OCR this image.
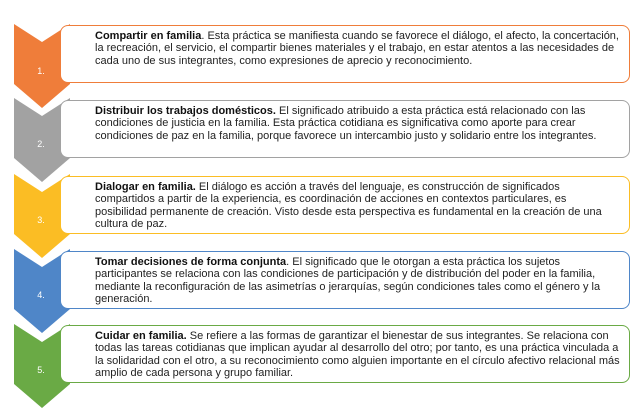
Compartir en familia. Esta práctica se manifiesta cuando se favorece el diálogo, el afecto, la concertación, la recreación, el servicio, el compartir bienes materiales y el trabajo, en estar atentos a las necesidades de cada uno de sus integrantes, como expresiones de aprecio y reconocimiento.
1.
Distribuir los trabajos domésticos. El significado atribuido a esta práctica está relacionado con las condiciones de justicia en la familia. Esta práctica cotidiana es significativa como aporte para crear condiciones de paz en la familia, porque favorece un intercambio justo y solidario entre los integrantes.
2.
Dialogar en familia. El diálogo es acción a través del lenguaje, es construcción de significados compartidos a partir de la experiencia, es coordinación de acciones en contextos particulares, es posibilidad permanente de creación. Visto desde esta perspectiva es fundamental en la creación de una cultura de paz.
3.
Tomar decisiones de forma conjunta. El significado que le otorgan a esta práctica los sujetos participantes se relaciona con las condiciones de participación y de distribución del poder en la familia, mediante la reconfiguración de las asimetrías o jerarquías, según condiciones tales como el género y la generación.
4.
Cuidar en familia. Se refiere a las formas de garantizar el bienestar de sus integrantes. Se relaciona con todas las tareas cotidianas que implican ayudar al desarrollo del otro; por tanto, es una práctica vinculada a la solidaridad con el otro, a su reconocimiento como alguien importante en el círculo afectivo relacional más amplio de cada persona y grupo familiar.
5.
